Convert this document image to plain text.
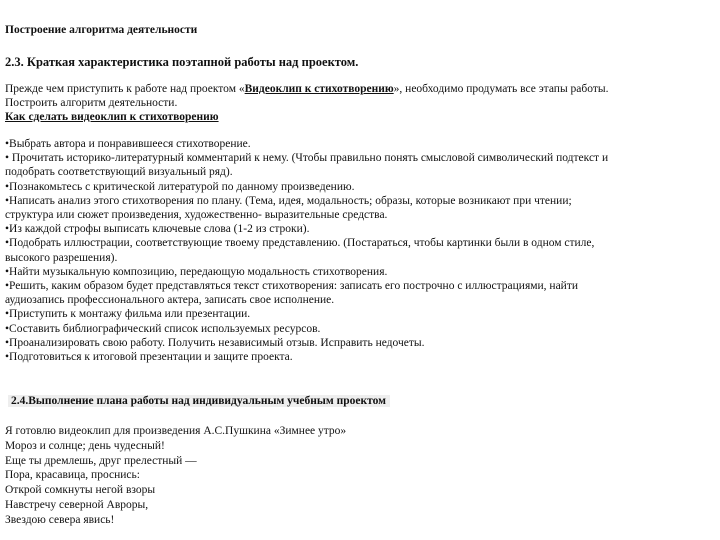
Построение алгоритма деятельности
2.3. Краткая характеристика поэтапной работы над проектом.
Прежде чем приступить к работе над проектом «Видеоклип к стихотворению», необходимо продумать все этапы работы.
Построить алгоритм деятельности.
Как сделать видеоклип к стихотворению
•Выбрать автора и понравившееся стихотворение.
• Прочитать историко-литературный комментарий к нему. (Чтобы правильно понять смысловой символический подтекст и
подобрать соответствующий визуальный ряд).
•Познакомьтесь с критической литературой по данному произведению.
•Написать анализ этого стихотворения по плану. (Тема, идея, модальность; образы, которые возникают при чтении;
структура или сюжет произведения, художественно- выразительные средства.
•Из каждой строфы выписать ключевые слова (1-2 из строки).
•Подобрать иллюстрации, соответствующие твоему представлению. (Постараться, чтобы картинки были в одном стиле,
высокого разрешения).
•Найти музыкальную композицию, передающую модальность стихотворения.
•Решить, каким образом будет представляться текст стихотворения: записать его построчно с иллюстрациями, найти
аудиозапись профессионального актера, записать свое исполнение.
•Приступить к монтажу фильма или презентации.
•Составить библиографический список используемых ресурсов.
•Проанализировать свою работу. Получить независимый отзыв. Исправить недочеты.
•Подготовиться к итоговой презентации и защите проекта.
2.4.Выполнение плана работы над индивидуальным учебным проектом
Я готовлю видеоклип для произведения А.С.Пушкина «Зимнее утро»
Мороз и солнце; день чудесный!
Еще ты дремлешь, друг прелестный —
Пора, красавица, проснись:
Открой сомкнуты негой взоры
Навстречу северной Авроры,
Звездою севера явись!
